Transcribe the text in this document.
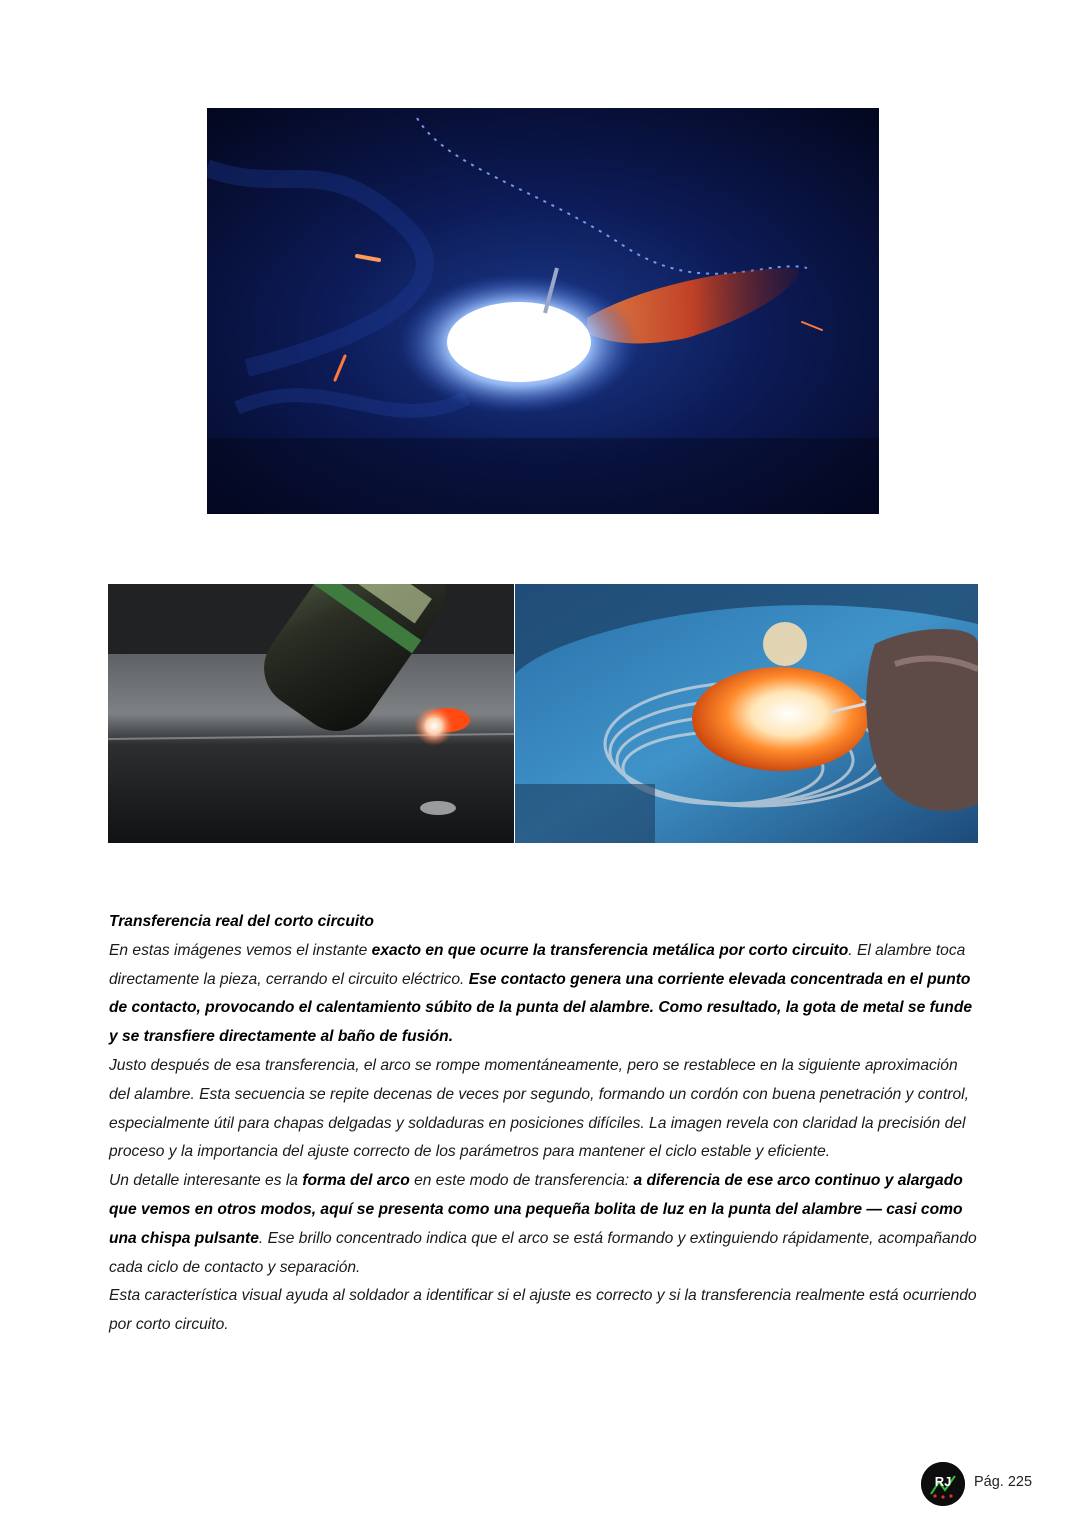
Transferencia real del corto circuito

En estas imágenes vemos el instante exacto en que ocurre la transferencia metálica por corto circuito. El alambre toca directamente la pieza, cerrando el circuito eléctrico. Ese contacto genera una corriente elevada concentrada en el punto de contacto, provocando el calentamiento súbito de la punta del alambre. Como resultado, la gota de metal se funde y se transfiere directamente al baño de fusión.

Justo después de esa transferencia, el arco se rompe momentáneamente, pero se restablece en la siguiente aproximación del alambre. Esta secuencia se repite decenas de veces por segundo, formando un cordón con buena penetración y control, especialmente útil para chapas delgadas y soldaduras en posiciones difíciles. La imagen revela con claridad la precisión del proceso y la importancia del ajuste correcto de los parámetros para mantener el ciclo estable y eficiente.

Un detalle interesante es la forma del arco en este modo de transferencia: a diferencia de ese arco continuo y alargado que vemos en otros modos, aquí se presenta como una pequeña bolita de luz en la punta del alambre — casi como una chispa pulsante. Ese brillo concentrado indica que el arco se está formando y extinguiendo rápidamente, acompañando cada ciclo de contacto y separación.

Esta característica visual ayuda al soldador a identificar si el ajuste es correcto y si la transferencia realmente está ocurriendo por corto circuito.

RJ Pág. 225
